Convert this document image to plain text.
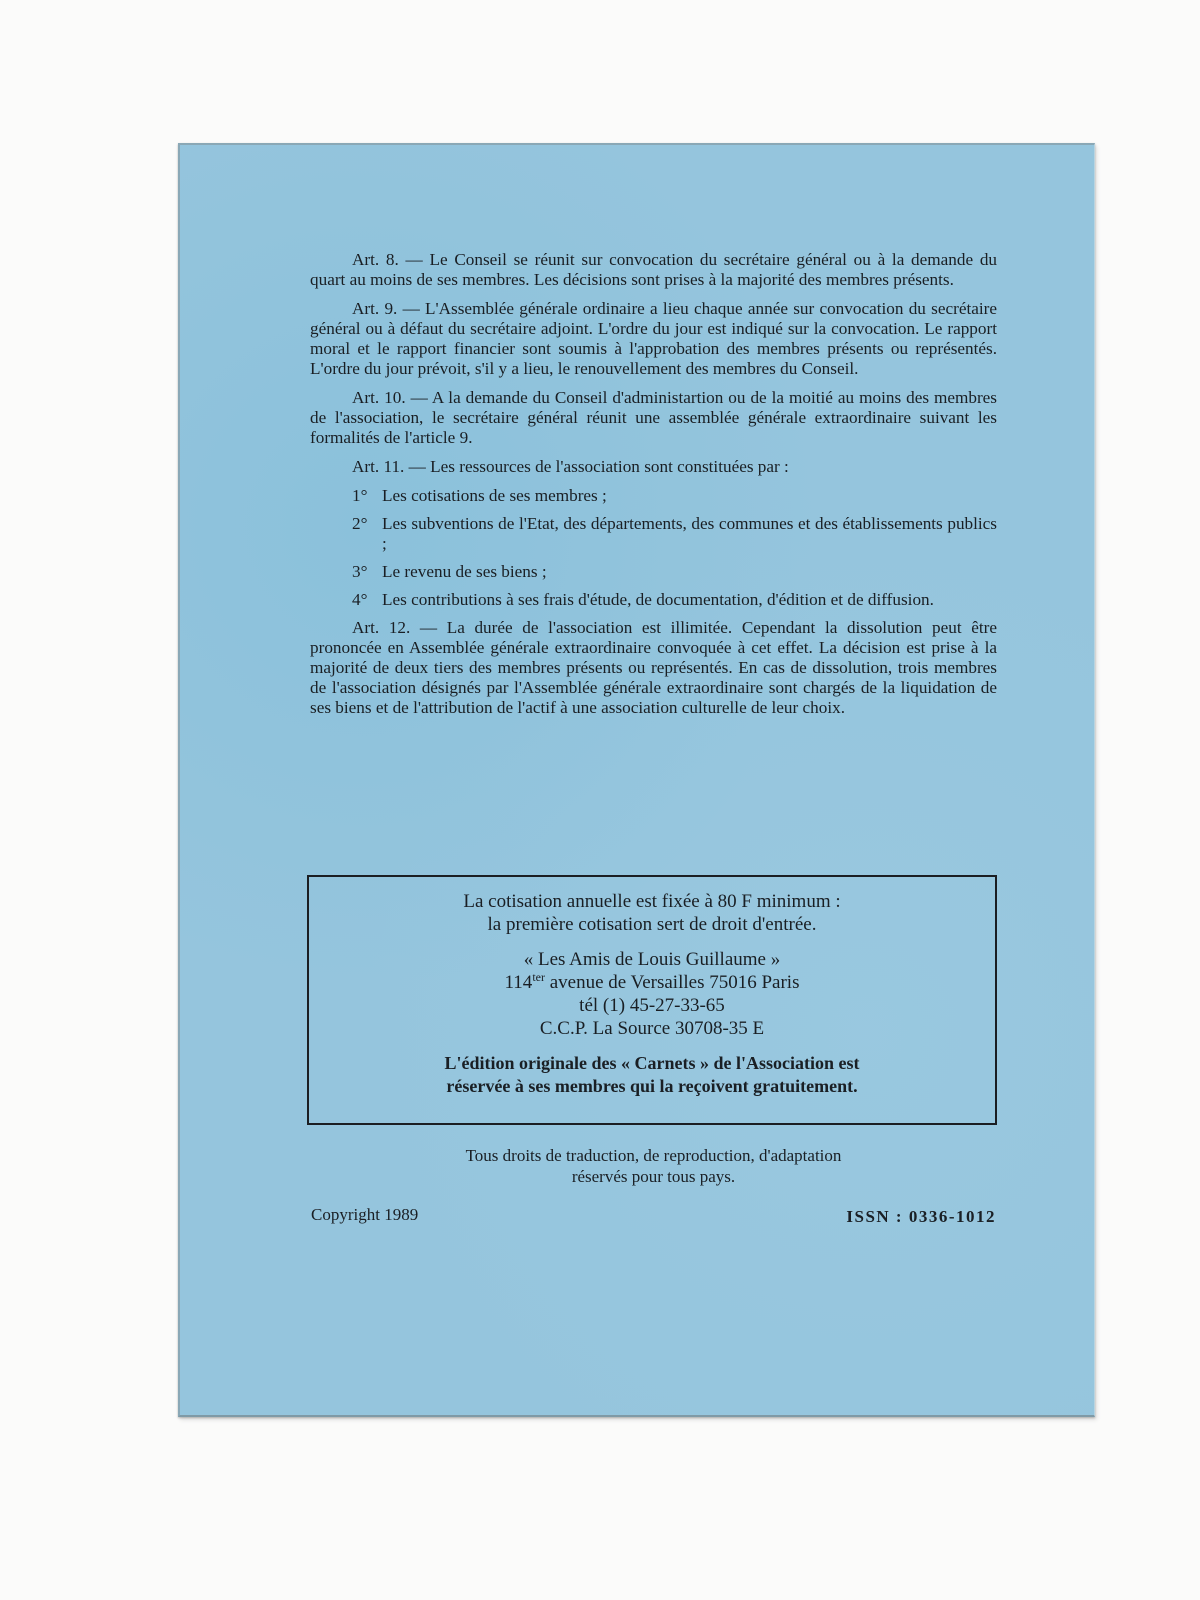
Art. 8. — Le Conseil se réunit sur convocation du secrétaire général ou à la demande du quart au moins de ses membres. Les décisions sont prises à la majorité des membres présents.

Art. 9. — L'Assemblée générale ordinaire a lieu chaque année sur convocation du secrétaire général ou à défaut du secrétaire adjoint. L'ordre du jour est indiqué sur la convocation. Le rapport moral et le rapport financier sont soumis à l'approbation des membres présents ou représentés. L'ordre du jour prévoit, s'il y a lieu, le renouvellement des membres du Conseil.

Art. 10. — A la demande du Conseil d'administartion ou de la moitié au moins des membres de l'association, le secrétaire général réunit une assemblée générale extraordinaire suivant les formalités de l'article 9.

Art. 11. — Les ressources de l'association sont constituées par :

1° Les cotisations de ses membres ;
2° Les subventions de l'Etat, des départements, des communes et des établissements publics ;
3° Le revenu de ses biens ;
4° Les contributions à ses frais d'étude, de documentation, d'édition et de diffusion.

Art. 12. — La durée de l'association est illimitée. Cependant la dissolution peut être prononcée en Assemblée générale extraordinaire convoquée à cet effet. La décision est prise à la majorité de deux tiers des membres présents ou représentés. En cas de dissolution, trois membres de l'association désignés par l'Assemblée générale extraordinaire sont chargés de la liquidation de ses biens et de l'attribution de l'actif à une association culturelle de leur choix.

La cotisation annuelle est fixée à 80 F minimum :
la première cotisation sert de droit d'entrée.
« Les Amis de Louis Guillaume »
$114^{ter}$ avenue de Versailles 75016 Paris
tél (1) 45-27-33-65
C.C.P. La Source 30708-35 E
L'édition originale des « Carnets » de l'Association est
réservée à ses membres qui la reçoivent gratuitement.
Tous droits de traduction, de reproduction, d'adaptation
réservés pour tous pays.
Copyright 1989	ISSN : 0336-1012
